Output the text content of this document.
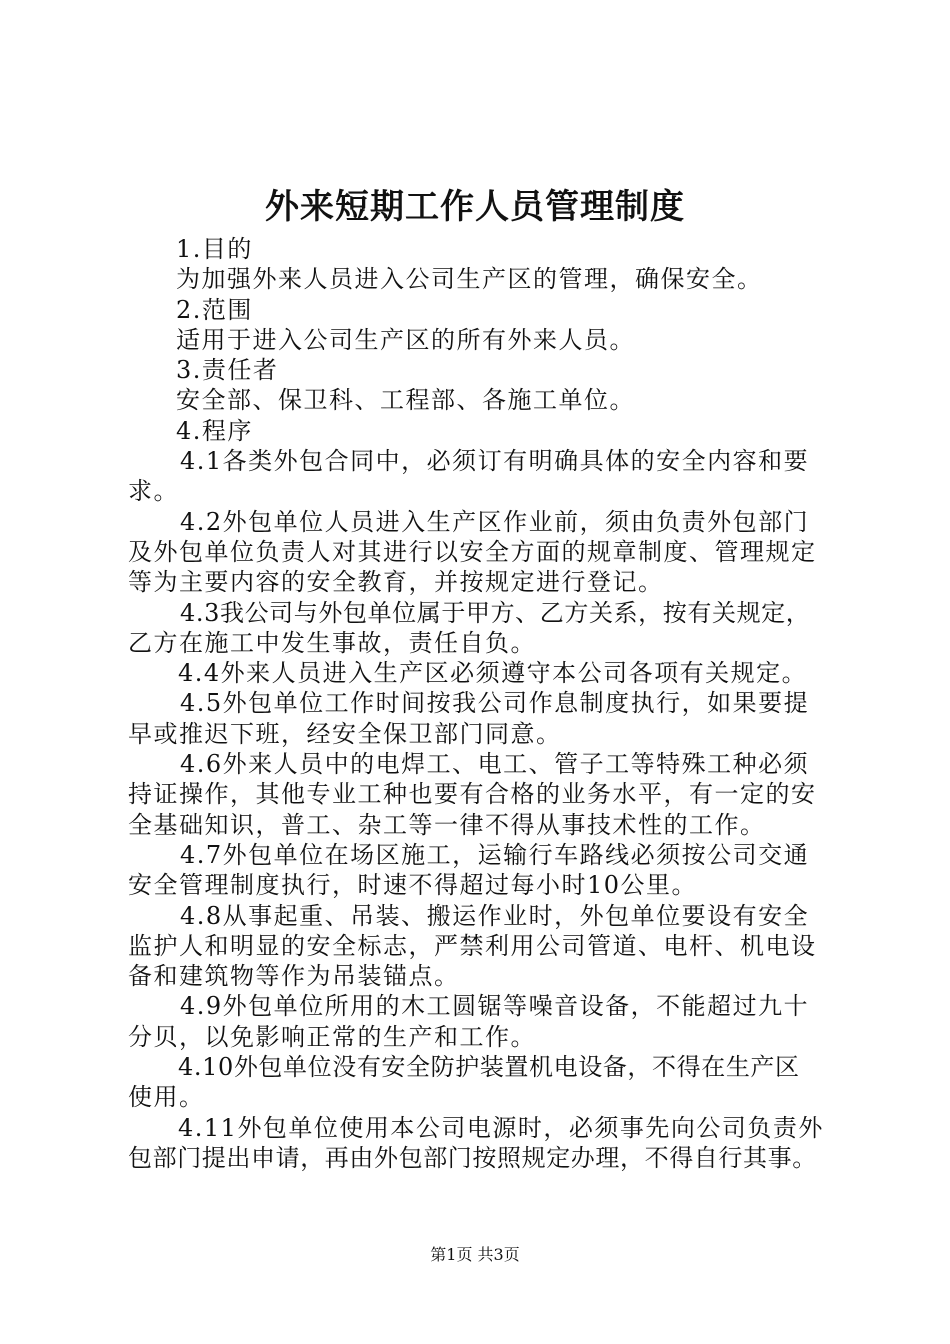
外来短期工作人员管理制度
1.目的
为加强外来人员进入公司生产区的管理，确保安全。
2.范围
适用于进入公司生产区的所有外来人员。
3.责任者
安全部、保卫科、工程部、各施工单位。
4.程序
4.1各类外包合同中，必须订有明确具体的安全内容和要
求。
4.2外包单位人员进入生产区作业前，须由负责外包部门
及外包单位负责人对其进行以安全方面的规章制度、管理规定
等为主要内容的安全教育，并按规定进行登记。
4.3我公司与外包单位属于甲方、乙方关系，按有关规定，
乙方在施工中发生事故，责任自负。
4.4外来人员进入生产区必须遵守本公司各项有关规定。
4.5外包单位工作时间按我公司作息制度执行，如果要提
早或推迟下班，经安全保卫部门同意。
4.6外来人员中的电焊工、电工、管子工等特殊工种必须
持证操作，其他专业工种也要有合格的业务水平，有一定的安
全基础知识，普工、杂工等一律不得从事技术性的工作。
4.7外包单位在场区施工，运输行车路线必须按公司交通
安全管理制度执行，时速不得超过每小时10公里。
4.8从事起重、吊装、搬运作业时，外包单位要设有安全
监护人和明显的安全标志，严禁利用公司管道、电杆、机电设
备和建筑物等作为吊装锚点。
4.9外包单位所用的木工圆锯等噪音设备，不能超过九十
分贝，以免影响正常的生产和工作。
4.10外包单位没有安全防护装置机电设备，不得在生产区
使用。
4.11外包单位使用本公司电源时，必须事先向公司负责外
包部门提出申请，再由外包部门按照规定办理，不得自行其事。
第1页 共3页
